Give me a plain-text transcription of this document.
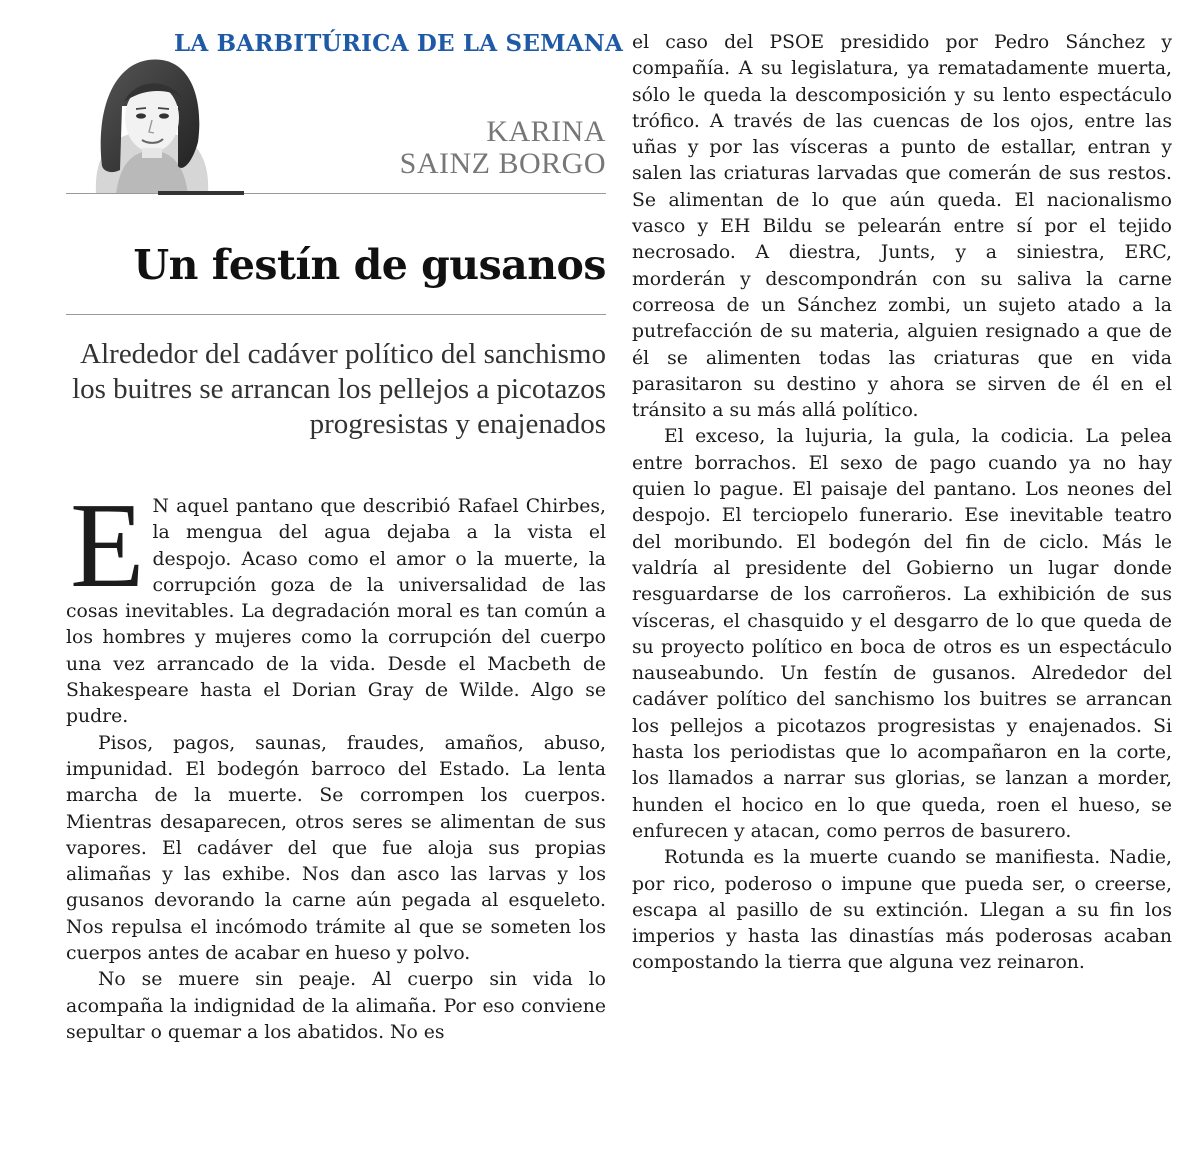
LA BARBITÚRICA DE LA SEMANA
KARINA
SAINZ BORGO
Un festín de gusanos

Alrededor del cadáver político del sanchismo los buitres se arrancan los pellejos a picotazos progresistas y enajenados

E N aquel pantano que describió Rafael Chirbes, la mengua del agua dejaba a la vista el despojo. Acaso como el amor o la muerte, la corrupción goza de la universalidad de las cosas inevitables. La degradación moral es tan común a los hombres y mujeres como la corrupción del cuerpo una vez arrancado de la vida. Desde el Macbeth de Shakespeare hasta el Dorian Gray de Wilde. Algo se pudre.

Pisos, pagos, saunas, fraudes, amaños, abuso, impunidad. El bodegón barroco del Estado. La lenta marcha de la muerte. Se corrompen los cuerpos. Mientras desaparecen, otros seres se alimentan de sus vapores. El cadáver del que fue aloja sus propias alimañas y las exhibe. Nos dan asco las larvas y los gusanos devorando la carne aún pegada al esqueleto. Nos repulsa el incómodo trámite al que se someten los cuerpos antes de acabar en hueso y polvo.

No se muere sin peaje. Al cuerpo sin vida lo acompaña la indignidad de la alimaña. Por eso conviene sepultar o quemar a los abatidos. No es

el caso del PSOE presidido por Pedro Sánchez y compañía. A su legislatura, ya rematadamente muerta, sólo le queda la descomposición y su lento espectáculo trófico. A través de las cuencas de los ojos, entre las uñas y por las vísceras a punto de estallar, entran y salen las criaturas larvadas que comerán de sus restos. Se alimentan de lo que aún queda. El nacionalismo vasco y EH Bildu se pelearán entre sí por el tejido necrosado. A diestra, Junts, y a siniestra, ERC, morderán y descompondrán con su saliva la carne correosa de un Sánchez zombi, un sujeto atado a la putrefacción de su materia, alguien resignado a que de él se alimenten todas las criaturas que en vida parasitaron su destino y ahora se sirven de él en el tránsito a su más allá político.

El exceso, la lujuria, la gula, la codicia. La pelea entre borrachos. El sexo de pago cuando ya no hay quien lo pague. El paisaje del pantano. Los neones del despojo. El terciopelo funerario. Ese inevitable teatro del moribundo. El bodegón del fin de ciclo. Más le valdría al presidente del Gobierno un lugar donde resguardarse de los carroñeros. La exhibición de sus vísceras, el chasquido y el desgarro de lo que queda de su proyecto político en boca de otros es un espectáculo nauseabundo. Un festín de gusanos. Alrededor del cadáver político del sanchismo los buitres se arrancan los pellejos a picotazos progresistas y enajenados. Si hasta los periodistas que lo acompañaron en la corte, los llamados a narrar sus glorias, se lanzan a morder, hunden el hocico en lo que queda, roen el hueso, se enfurecen y atacan, como perros de basurero.

Rotunda es la muerte cuando se manifiesta. Nadie, por rico, poderoso o impune que pueda ser, o creerse, escapa al pasillo de su extinción. Llegan a su fin los imperios y hasta las dinastías más poderosas acaban compostando la tierra que alguna vez reinaron.
